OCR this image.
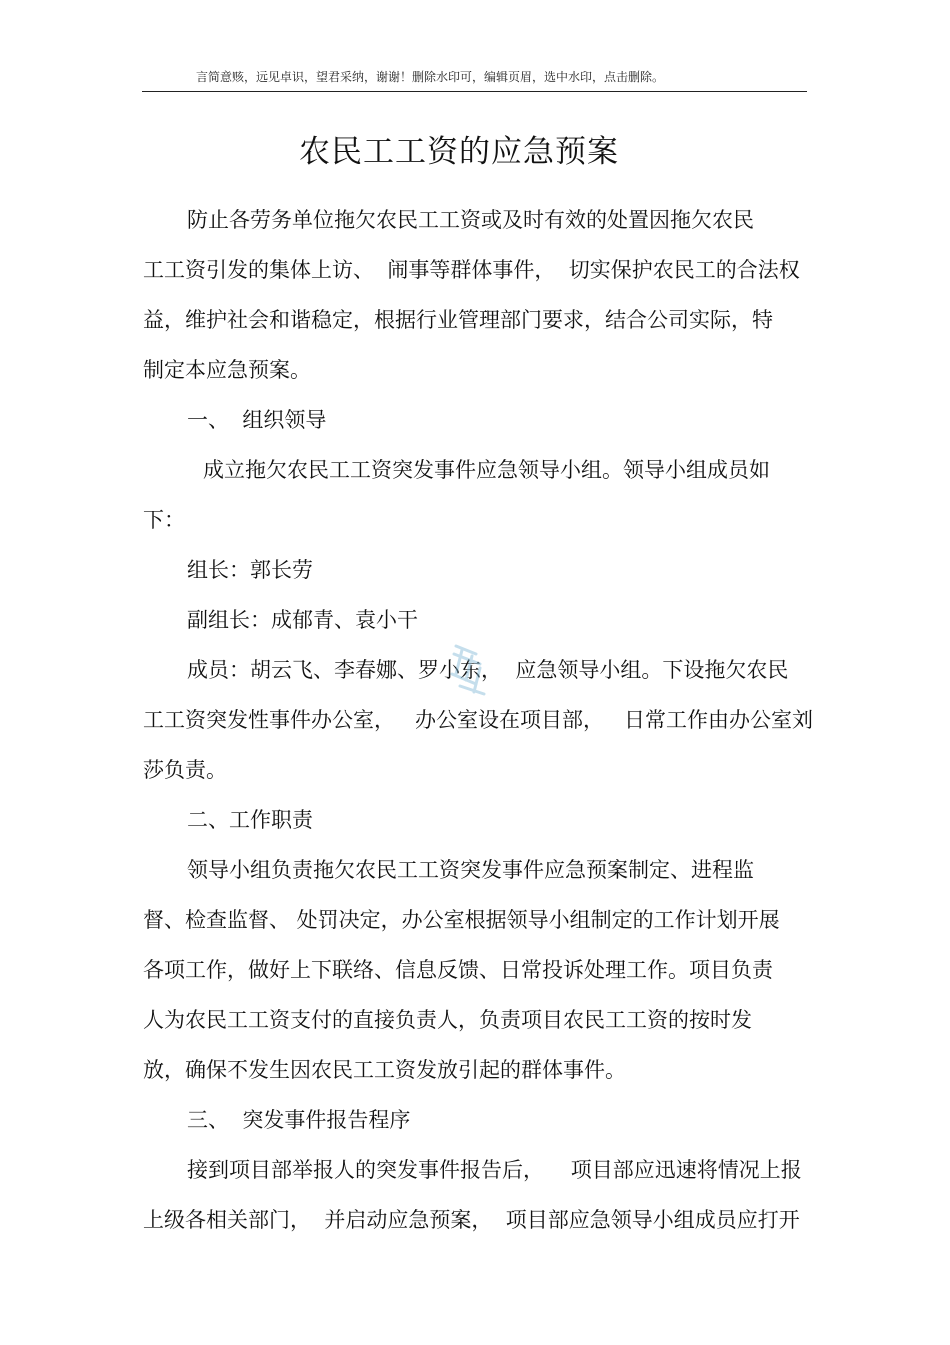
言简意赅，远见卓识，望君采纳，谢谢！删除水印可，编辑页眉，选中水印，点击删除。
农民工工资的应急预案
防止各劳务单位拖欠农民工工资或及时有效的处置因拖欠农民
工工资引发的集体上访、  闹事等群体事件，  切实保护农民工的合法权
益，维护社会和谐稳定，根据行业管理部门要求，结合公司实际，特
制定本应急预案。
一、  组织领导
成立拖欠农民工工资突发事件应急领导小组。领导小组成员如
下：
组长：郭长劳
副组长：成郁青、袁小干
成员：胡云飞、李春娜、罗小东，  应急领导小组。下设拖欠农民
工工资突发性事件办公室，   办公室设在项目部，   日常工作由办公室刘
莎负责。
二、工作职责
领导小组负责拖欠农民工工资突发事件应急预案制定、进程监
督、检查监督、 处罚决定，办公室根据领导小组制定的工作计划开展
各项工作，做好上下联络、信息反馈、日常投诉处理工作。项目负责
人为农民工工资支付的直接负责人，负责项目农民工工资的按时发
放，确保不发生因农民工工资发放引起的群体事件。
三、  突发事件报告程序
接到项目部举报人的突发事件报告后，    项目部应迅速将情况上报
上级各相关部门，  并启动应急预案，  项目部应急领导小组成员应打开
